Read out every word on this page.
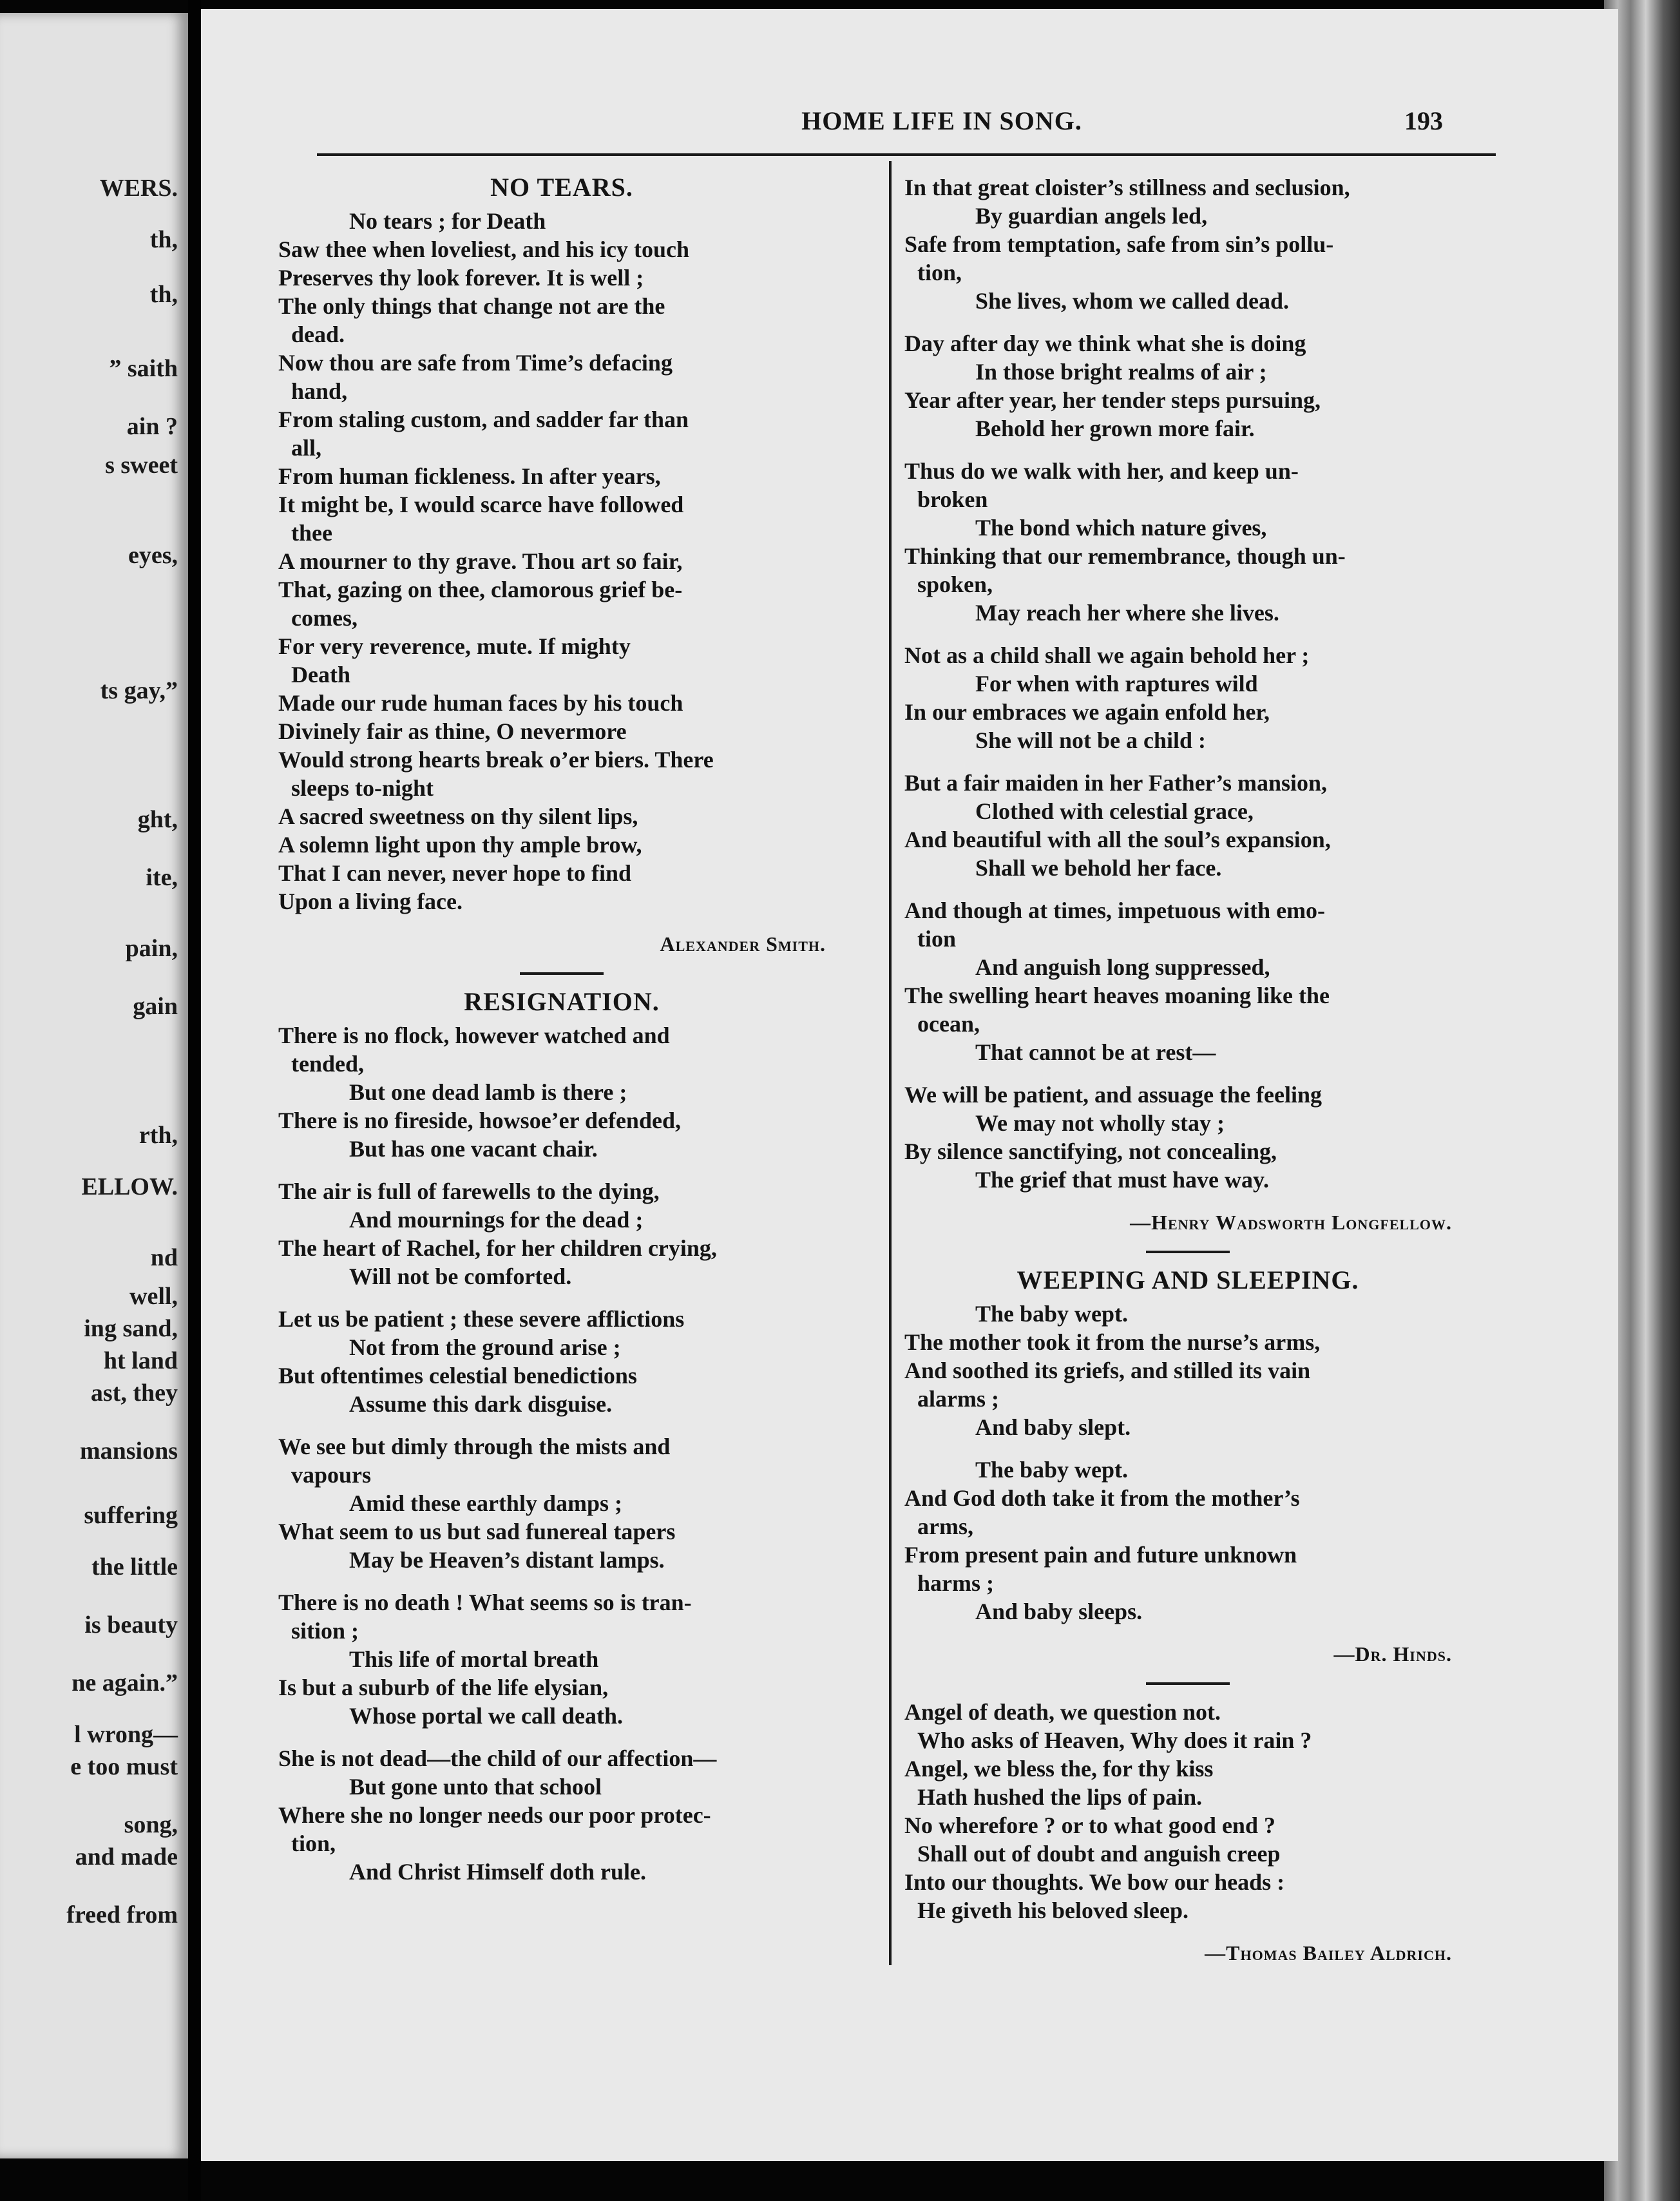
WERS.
th,
th,
” saith
ain ?
s sweet
eyes,
ts gay,”
ght,
ite,
pain,
gain
rth,
ELLOW.
nd
well,
ing sand,
ht land
ast, they
mansions
suffering
the little
is beauty
ne again.”
l wrong—
e too must
song,
and made
freed from
HOME LIFE IN SONG.	193
NO TEARS.
No tears ; for Death
Saw thee when loveliest, and his icy touch
Preserves thy look forever. It is well ;
The only things that change not are the
dead.
Now thou are safe from Time’s defacing
hand,
From staling custom, and sadder far than
all,
From human fickleness. In after years,
It might be, I would scarce have followed
thee
A mourner to thy grave. Thou art so fair,
That, gazing on thee, clamorous grief be-
comes,
For very reverence, mute. If mighty
Death
Made our rude human faces by his touch
Divinely fair as thine, O nevermore
Would strong hearts break o’er biers. There
sleeps to-night
A sacred sweetness on thy silent lips,
A solemn light upon thy ample brow,
That I can never, never hope to find
Upon a living face.
Alexander Smith.
RESIGNATION.
There is no flock, however watched and
tended,
But one dead lamb is there ;
There is no fireside, howsoe’er defended,
But has one vacant chair.
The air is full of farewells to the dying,
And mournings for the dead ;
The heart of Rachel, for her children crying,
Will not be comforted.
Let us be patient ; these severe afflictions
Not from the ground arise ;
But oftentimes celestial benedictions
Assume this dark disguise.
We see but dimly through the mists and
vapours
Amid these earthly damps ;
What seem to us but sad funereal tapers
May be Heaven’s distant lamps.
There is no death ! What seems so is tran-
sition ;
This life of mortal breath
Is but a suburb of the life elysian,
Whose portal we call death.
She is not dead—the child of our affection—
But gone unto that school
Where she no longer needs our poor protec-
tion,
And Christ Himself doth rule.
In that great cloister’s stillness and seclusion,
By guardian angels led,
Safe from temptation, safe from sin’s pollu-
tion,
She lives, whom we called dead.
Day after day we think what she is doing
In those bright realms of air ;
Year after year, her tender steps pursuing,
Behold her grown more fair.
Thus do we walk with her, and keep un-
broken
The bond which nature gives,
Thinking that our remembrance, though un-
spoken,
May reach her where she lives.
Not as a child shall we again behold her ;
For when with raptures wild
In our embraces we again enfold her,
She will not be a child :
But a fair maiden in her Father’s mansion,
Clothed with celestial grace,
And beautiful with all the soul’s expansion,
Shall we behold her face.
And though at times, impetuous with emo-
tion
And anguish long suppressed,
The swelling heart heaves moaning like the
ocean,
That cannot be at rest—
We will be patient, and assuage the feeling
We may not wholly stay ;
By silence sanctifying, not concealing,
The grief that must have way.
—Henry Wadsworth Longfellow.
WEEPING AND SLEEPING.
The baby wept.
The mother took it from the nurse’s arms,
And soothed its griefs, and stilled its vain
alarms ;
And baby slept.
The baby wept.
And God doth take it from the mother’s
arms,
From present pain and future unknown
harms ;
And baby sleeps.
—Dr. Hinds.
Angel of death, we question not.
Who asks of Heaven, Why does it rain ?
Angel, we bless the, for thy kiss
Hath hushed the lips of pain.
No wherefore ? or to what good end ?
Shall out of doubt and anguish creep
Into our thoughts. We bow our heads :
He giveth his beloved sleep.
—Thomas Bailey Aldrich.
